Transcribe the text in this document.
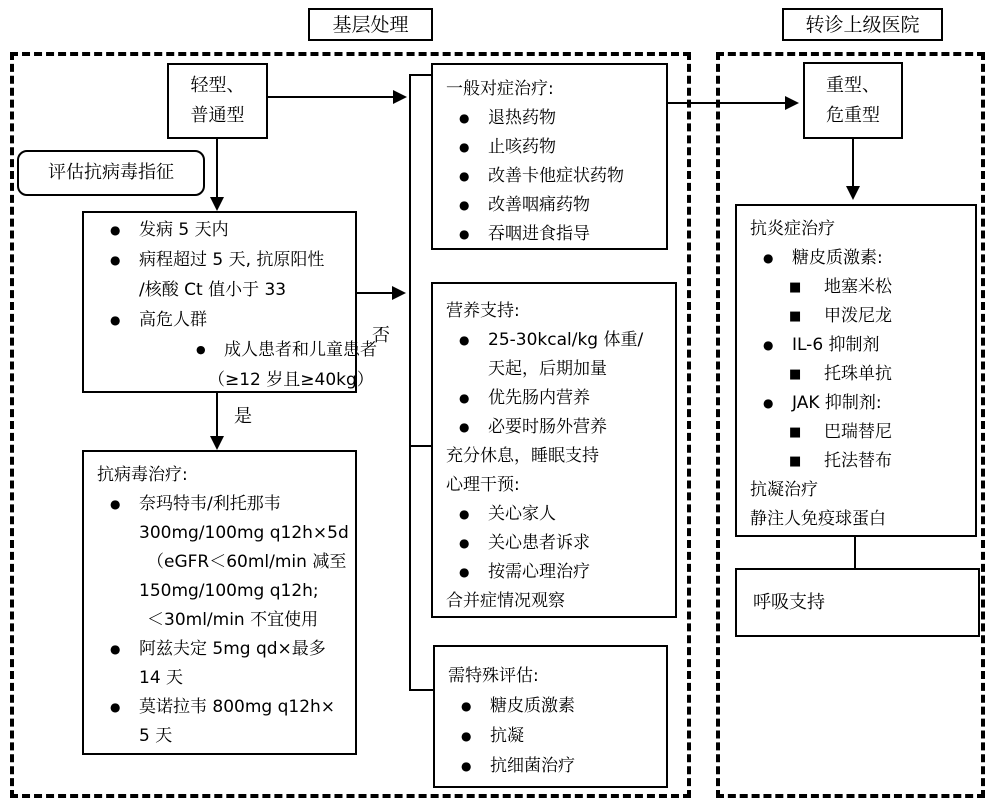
基层处理	转诊上级医院
轻型、
普通型
评估抗病毒指征
● 发病 5 天内
● 病程超过 5 天, 抗原阳性
/核酸 Ct 值小于 33
● 高危人群
● 成人患者和儿童患者
（≥12 岁且≥40kg）
抗病毒治疗:
● 奈玛特韦/利托那韦
300mg/100mg q12h×5d
（eGFR＜60ml/min 减至
150mg/100mg q12h;
＜30ml/min 不宜使用
● 阿兹夫定 5mg qd×最多
14 天
● 莫诺拉韦 800mg q12h×
5 天
一般对症治疗:
● 退热药物
● 止咳药物
● 改善卡他症状药物
● 改善咽痛药物
● 吞咽进食指导
营养支持:
● 25-30kcal/kg 体重/
天起，后期加量
● 优先肠内营养
● 必要时肠外营养
充分休息，睡眠支持
心理干预:
● 关心家人
● 关心患者诉求
● 按需心理治疗
合并症情况观察
需特殊评估:
● 糖皮质激素
● 抗凝
● 抗细菌治疗
重型、
危重型
抗炎症治疗
● 糖皮质激素:
■ 地塞米松
■ 甲泼尼龙
● IL-6 抑制剂
■ 托珠单抗
● JAK 抑制剂:
■ 巴瑞替尼
■ 托法替布
抗凝治疗
静注人免疫球蛋白
呼吸支持
是
否
